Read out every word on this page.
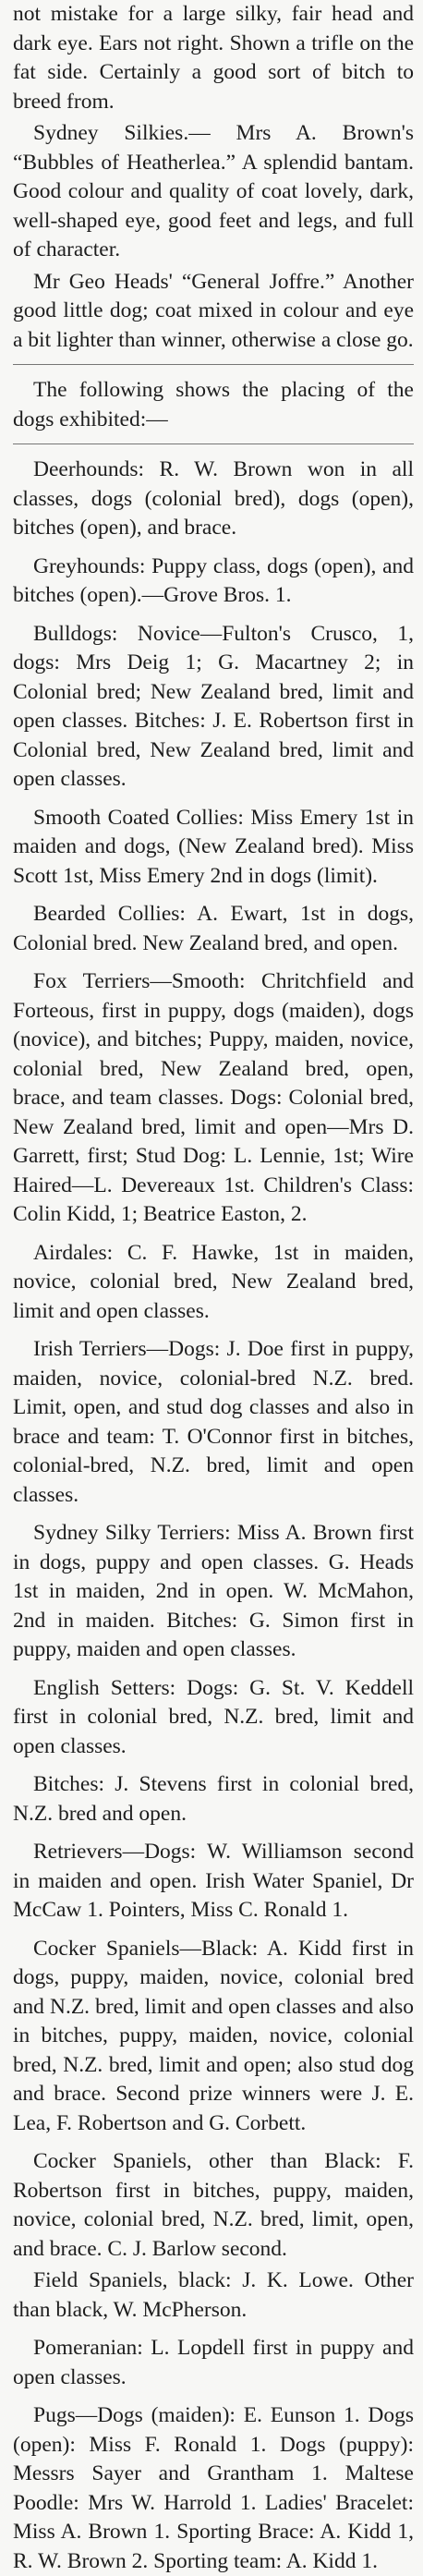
not mistake for a large silky, fair head and dark eye. Ears not right. Shown a trifle on the fat side. Certainly a good sort of bitch to breed from.

Sydney Silkies.— Mrs A. Brown's “Bubbles of Heatherlea.” A splendid bantam. Good colour and quality of coat lovely, dark, well-shaped eye, good feet and legs, and full of character.

Mr Geo Heads' “General Joffre.” Another good little dog; coat mixed in colour and eye a bit lighter than winner, otherwise a close go.

The following shows the placing of the dogs exhibited:—

Deerhounds: R. W. Brown won in all classes, dogs (colonial bred), dogs (open), bitches (open), and brace.

Greyhounds: Puppy class, dogs (open), and bitches (open).—Grove Bros. 1.

Bulldogs: Novice—Fulton's Crusco, 1, dogs: Mrs Deig 1; G. Macartney 2; in Colonial bred; New Zealand bred, limit and open classes. Bitches: J. E. Robertson first in Colonial bred, New Zealand bred, limit and open classes.

Smooth Coated Collies: Miss Emery 1st in maiden and dogs, (New Zealand bred). Miss Scott 1st, Miss Emery 2nd in dogs (limit).

Bearded Collies: A. Ewart, 1st in dogs, Colonial bred. New Zealand bred, and open.

Fox Terriers—Smooth: Chritchfield and Forteous, first in puppy, dogs (maiden), dogs (novice), and bitches; Puppy, maiden, novice, colonial bred, New Zealand bred, open, brace, and team classes. Dogs: Colonial bred, New Zealand bred, limit and open—Mrs D. Garrett, first; Stud Dog: L. Lennie, 1st; Wire Haired—L. Devereaux 1st. Children's Class: Colin Kidd, 1; Beatrice Easton, 2.

Airdales: C. F. Hawke, 1st in maiden, novice, colonial bred, New Zealand bred, limit and open classes.

Irish Terriers—Dogs: J. Doe first in puppy, maiden, novice, colonial-bred N.Z. bred. Limit, open, and stud dog classes and also in brace and team: T. O'Connor first in bitches, colonial-bred, N.Z. bred, limit and open classes.

Sydney Silky Terriers: Miss A. Brown first in dogs, puppy and open classes. G. Heads 1st in maiden, 2nd in open. W. McMahon, 2nd in maiden. Bitches: G. Simon first in puppy, maiden and open classes.

English Setters: Dogs: G. St. V. Keddell first in colonial bred, N.Z. bred, limit and open classes.

Bitches: J. Stevens first in colonial bred, N.Z. bred and open.

Retrievers—Dogs: W. Williamson second in maiden and open. Irish Water Spaniel, Dr McCaw 1. Pointers, Miss C. Ronald 1.

Cocker Spaniels—Black: A. Kidd first in dogs, puppy, maiden, novice, colonial bred and N.Z. bred, limit and open classes and also in bitches, puppy, maiden, novice, colonial bred, N.Z. bred, limit and open; also stud dog and brace. Second prize winners were J. E. Lea, F. Robertson and G. Corbett.

Cocker Spaniels, other than Black: F. Robertson first in bitches, puppy, maiden, novice, colonial bred, N.Z. bred, limit, open, and brace. C. J. Barlow second.

Field Spaniels, black: J. K. Lowe. Other than black, W. McPherson.

Pomeranian: L. Lopdell first in puppy and open classes.

Pugs—Dogs (maiden): E. Eunson 1. Dogs (open): Miss F. Ronald 1. Dogs (puppy): Messrs Sayer and Grantham 1. Maltese Poodle: Mrs W. Harrold 1. Ladies' Bracelet: Miss A. Brown 1. Sporting Brace: A. Kidd 1, R. W. Brown 2. Sporting team: A. Kidd 1.
